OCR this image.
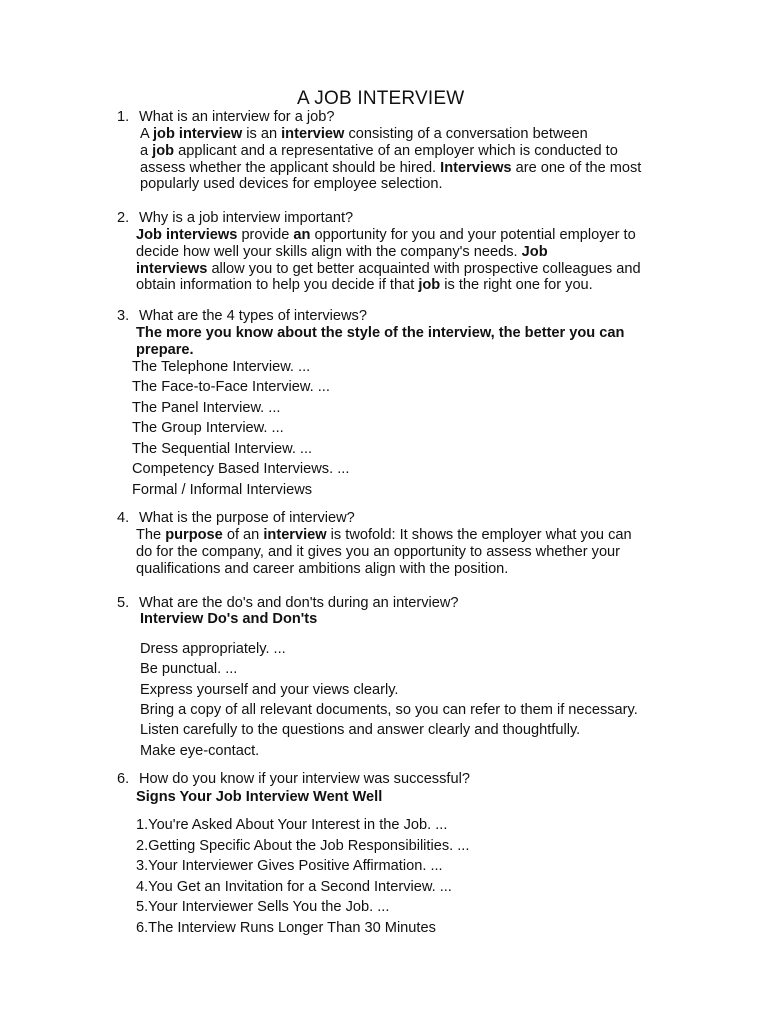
A JOB INTERVIEW
1. What is an interview for a job?
A job interview is an interview consisting of a conversation between
a job applicant and a representative of an employer which is conducted to
assess whether the applicant should be hired. Interviews are one of the most
popularly used devices for employee selection.
2. Why is a job interview important?
Job interviews provide an opportunity for you and your potential employer to
decide how well your skills align with the company's needs. Job
interviews allow you to get better acquainted with prospective colleagues and
obtain information to help you decide if that job is the right one for you.
3. What are the 4 types of interviews?
The more you know about the style of the interview, the better you can
prepare.
The Telephone Interview. ...
The Face-to-Face Interview. ...
The Panel Interview. ...
The Group Interview. ...
The Sequential Interview. ...
Competency Based Interviews. ...
Formal / Informal Interviews
4. What is the purpose of interview?
The purpose of an interview is twofold: It shows the employer what you can
do for the company, and it gives you an opportunity to assess whether your
qualifications and career ambitions align with the position.
5. What are the do's and don'ts during an interview?
Interview Do's and Don'ts
Dress appropriately. ...
Be punctual. ...
Express yourself and your views clearly.
Bring a copy of all relevant documents, so you can refer to them if necessary.
Listen carefully to the questions and answer clearly and thoughtfully.
Make eye-contact.
6. How do you know if your interview was successful?
Signs Your Job Interview Went Well
1.You're Asked About Your Interest in the Job. ...
2.Getting Specific About the Job Responsibilities. ...
3.Your Interviewer Gives Positive Affirmation. ...
4.You Get an Invitation for a Second Interview. ...
5.Your Interviewer Sells You the Job. ...
6.The Interview Runs Longer Than 30 Minutes
